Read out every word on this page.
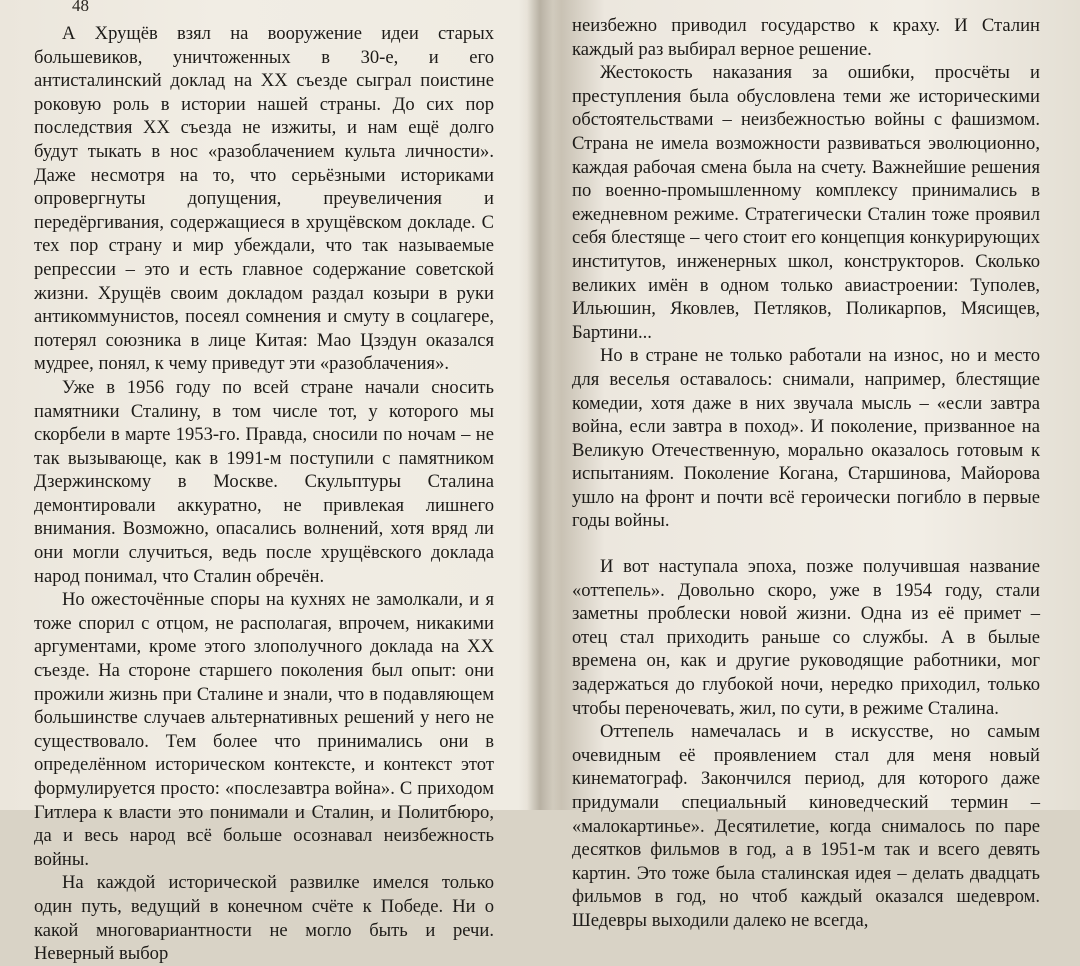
48

А Хрущёв взял на вооружение идеи старых большевиков, уничтоженных в 30-е, и его антисталинский доклад на XX съезде сыграл поистине роковую роль в истории нашей страны. До сих пор последствия XX съезда не изжиты, и нам ещё долго будут тыкать в нос «разоблачением культа личности». Даже несмотря на то, что серьёзными историками опровергнуты допущения, преувеличения и передёргивания, содержащиеся в хрущёвском докладе. С тех пор страну и мир убеждали, что так называемые репрессии – это и есть главное содержание советской жизни. Хрущёв своим докладом раздал козыри в руки антикоммунистов, посеял сомнения и смуту в соцлагере, потерял союзника в лице Китая: Мао Цзэдун оказался мудрее, понял, к чему приведут эти «разоблачения».

Уже в 1956 году по всей стране начали сносить памятники Сталину, в том числе тот, у которого мы скорбели в марте 1953-го. Правда, сносили по ночам – не так вызывающе, как в 1991-м поступили с памятником Дзержинскому в Москве. Скульптуры Сталина демонтировали аккуратно, не привлекая лишнего внимания. Возможно, опасались волнений, хотя вряд ли они могли случиться, ведь после хрущёвского доклада народ понимал, что Сталин обречён.

Но ожесточённые споры на кухнях не замолкали, и я тоже спорил с отцом, не располагая, впрочем, никакими аргументами, кроме этого злополучного доклада на XX съезде. На стороне старшего поколения был опыт: они прожили жизнь при Сталине и знали, что в подавляющем большинстве случаев альтернативных решений у него не существовало. Тем более что принимались они в определённом историческом контексте, и контекст этот формулируется просто: «послезавтра война». С приходом Гитлера к власти это понимали и Сталин, и Политбюро, да и весь народ всё больше осознавал неизбежность войны.

На каждой исторической развилке имелся только один путь, ведущий в конечном счёте к Победе. Ни о какой многовариантности не могло быть и речи. Неверный выбор

неизбежно приводил государство к краху. И Сталин каждый раз выбирал верное решение.

Жестокость наказания за ошибки, просчёты и преступления была обусловлена теми же историческими обстоятельствами – неизбежностью войны с фашизмом. Страна не имела возможности развиваться эволюционно, каждая рабочая смена была на счету. Важнейшие решения по военно-промышленному комплексу принимались в ежедневном режиме. Стратегически Сталин тоже проявил себя блестяще – чего стоит его концепция конкурирующих институтов, инженерных школ, конструкторов. Сколько великих имён в одном только авиастроении: Туполев, Ильюшин, Яковлев, Петляков, Поликарпов, Мясищев, Бартини...

Но в стране не только работали на износ, но и место для веселья оставалось: снимали, например, блестящие комедии, хотя даже в них звучала мысль – «если завтра война, если завтра в поход». И поколение, призванное на Великую Отечественную, морально оказалось готовым к испытаниям. Поколение Когана, Старшинова, Майорова ушло на фронт и почти всё героически погибло в первые годы войны.

И вот наступала эпоха, позже получившая название «оттепель». Довольно скоро, уже в 1954 году, стали заметны проблески новой жизни. Одна из её примет – отец стал приходить раньше со службы. А в былые времена он, как и другие руководящие работники, мог задержаться до глубокой ночи, нередко приходил, только чтобы переночевать, жил, по сути, в режиме Сталина.

Оттепель намечалась и в искусстве, но самым очевидным её проявлением стал для меня новый кинематограф. Закончился период, для которого даже придумали специальный киноведческий термин – «малокартинье». Десятилетие, когда снималось по паре десятков фильмов в год, а в 1951-м так и всего девять картин. Это тоже была сталинская идея – делать двадцать фильмов в год, но чтоб каждый оказался шедевром. Шедевры выходили далеко не всегда,
